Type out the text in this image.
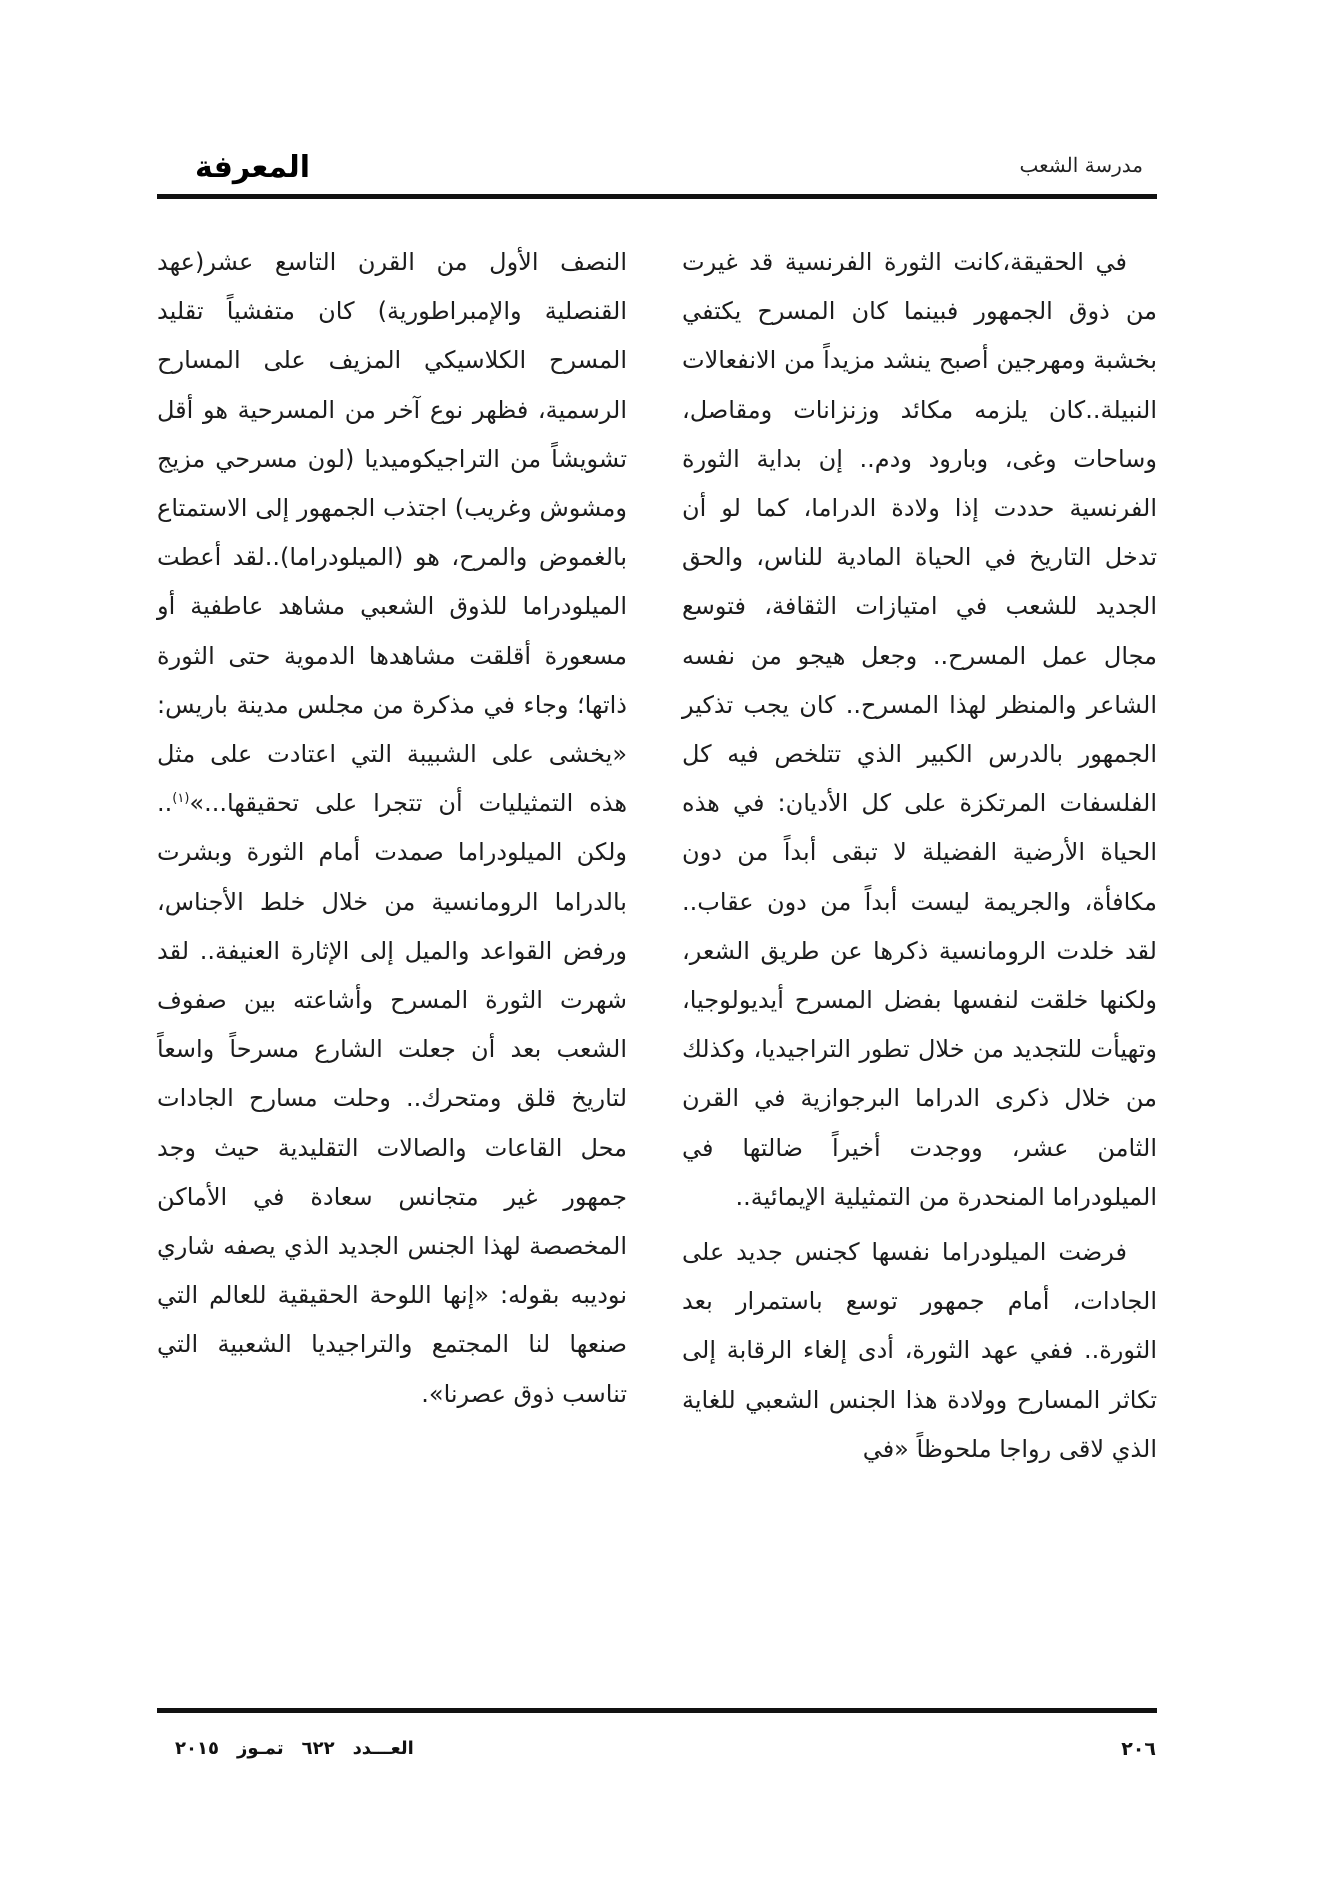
المعرفة	مدرسة الشعب

في الحقيقة،كانت الثورة الفرنسية قد غيرت من ذوق الجمهور فبينما كان المسرح يكتفي بخشبة ومهرجين أصبح ينشد مزيداً من الانفعالات النبيلة..كان يلزمه مكائد وزنزانات ومقاصل، وساحات وغى، وبارود ودم.. إن بداية الثورة الفرنسية حددت إذا ولادة الدراما، كما لو أن تدخل التاريخ في الحياة المادية للناس، والحق الجديد للشعب في امتيازات الثقافة، فتوسع مجال عمل المسرح.. وجعل هيجو من نفسه الشاعر والمنظر لهذا المسرح.. كان يجب تذكير الجمهور بالدرس الكبير الذي تتلخص فيه كل الفلسفات المرتكزة على كل الأديان: في هذه الحياة الأرضية الفضيلة لا تبقى أبداً من دون مكافأة، والجريمة ليست أبداً من دون عقاب.. لقد خلدت الرومانسية ذكرها عن طريق الشعر، ولكنها خلقت لنفسها بفضل المسرح أيديولوجيا، وتهيأت للتجديد من خلال تطور التراجيديا، وكذلك من خلال ذكرى الدراما البرجوازية في القرن الثامن عشر، ووجدت أخيراً ضالتها في الميلودراما المنحدرة من التمثيلية الإيمائية..

فرضت الميلودراما نفسها كجنس جديد على الجادات، أمام جمهور توسع باستمرار بعد الثورة.. ففي عهد الثورة، أدى إلغاء الرقابة إلى تكاثر المسارح وولادة هذا الجنس الشعبي للغاية الذي لاقى رواجا ملحوظاً «في

النصف الأول من القرن التاسع عشر(عهد القنصلية والإمبراطورية) كان متفشياً تقليد المسرح الكلاسيكي المزيف على المسارح الرسمية، فظهر نوع آخر من المسرحية هو أقل تشويشاً من التراجيكوميديا (لون مسرحي مزيج ومشوش وغريب) اجتذب الجمهور إلى الاستمتاع بالغموض والمرح، هو (الميلودراما)..لقد أعطت الميلودراما للذوق الشعبي مشاهد عاطفية أو مسعورة أقلقت مشاهدها الدموية حتى الثورة ذاتها؛ وجاء في مذكرة من مجلس مدينة باريس: «يخشى على الشبيبة التي اعتادت على مثل هذه التمثيليات أن تتجرا على تحقيقها...»$^{(١)}$.. ولكن الميلودراما صمدت أمام الثورة وبشرت بالدراما الرومانسية من خلال خلط الأجناس، ورفض القواعد والميل إلى الإثارة العنيفة.. لقد شهرت الثورة المسرح وأشاعته بين صفوف الشعب بعد أن جعلت الشارع مسرحاً واسعاً لتاريخ قلق ومتحرك.. وحلت مسارح الجادات محل القاعات والصالات التقليدية حيث وجد جمهور غير متجانس سعادة في الأماكن المخصصة لهذا الجنس الجديد الذي يصفه شاري نوديبه بقوله: «إنها اللوحة الحقيقية للعالم التي صنعها لنا المجتمع والتراجيديا الشعبية التي تناسب ذوق عصرنا».

٢٠٦
العـــدد٦٢٢تمـوز٢٠١٥
